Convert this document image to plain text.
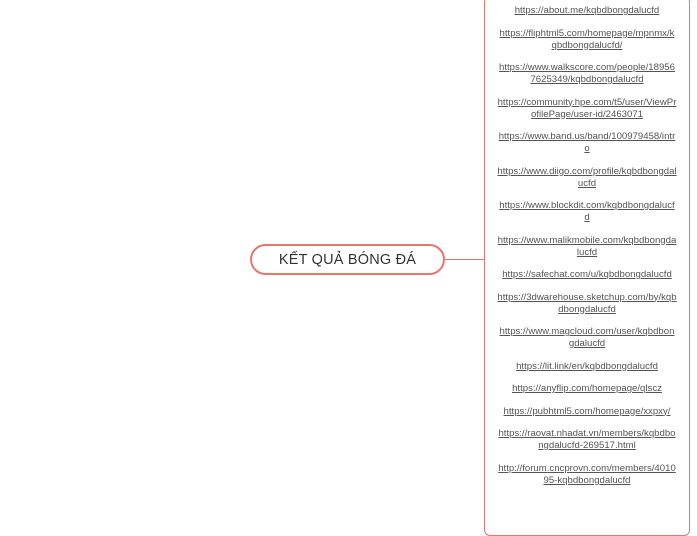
KẾT QUẢ BÓNG ĐÁ
https://about.me/kqbdbongdalucfd
https://fliphtml5.com/homepage/mpnmx/kqbdbongdalucfd/
https://www.walkscore.com/people/189567625349/kqbdbongdalucfd
https://community.hpe.com/t5/user/ViewProfilePage/user-id/2463071
https://www.band.us/band/100979458/intro
https://www.diigo.com/profile/kqbdbongdalucfd
https://www.blockdit.com/kqbdbongdalucfd
https://www.malikmobile.com/kqbdbongdalucfd
https://safechat.com/u/kqbdbongdalucfd
https://3dwarehouse.sketchup.com/by/kqbdbongdalucfd
https://www.magcloud.com/user/kqbdbongdalucfd
https://lit.link/en/kqbdbongdalucfd
https://anyflip.com/homepage/qlscz
https://pubhtml5.com/homepage/xxpxy/
https://raovat.nhadat.vn/members/kqbdbongdalucfd-269517.html
http://forum.cncprovn.com/members/401095-kqbdbongdalucfd
